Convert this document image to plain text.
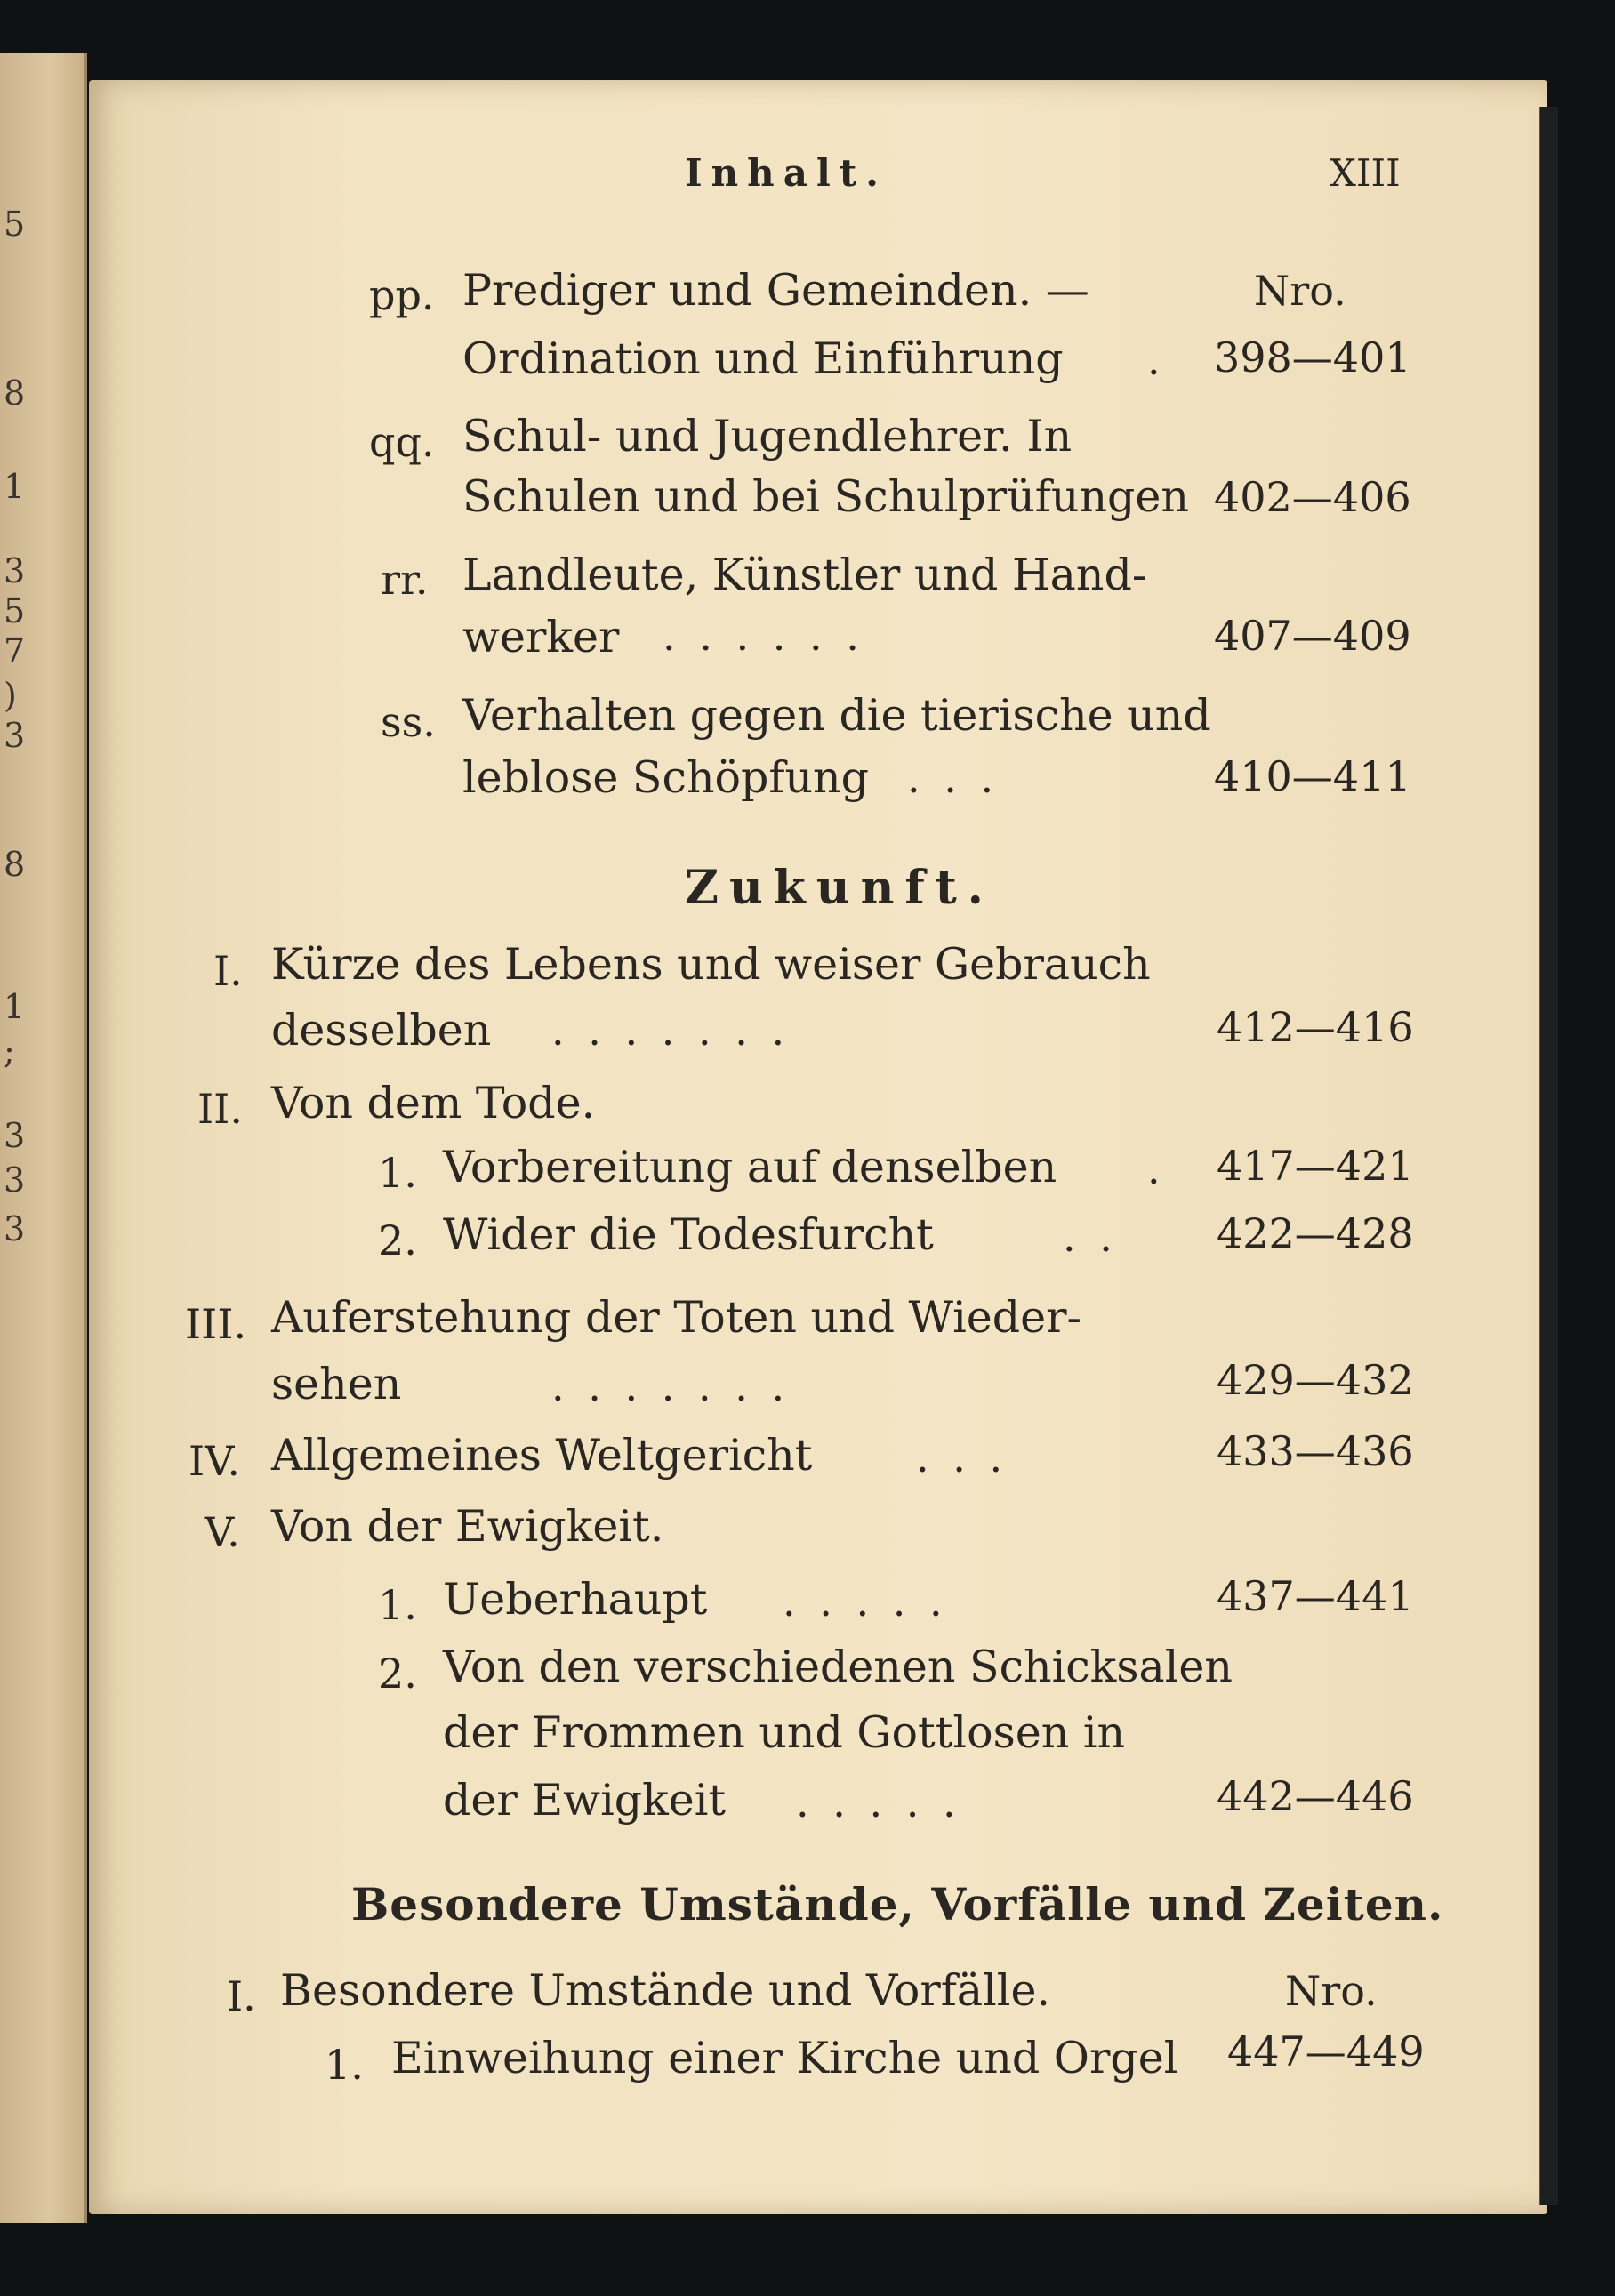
5
8
1
3
5
7
)
3
8
1
;
3
3
3
Inhalt.	XIII
pp. Prediger und Gemeinden. —	Nro.
Ordination und Einführung . 398—401
qq. Schul- und Jugendlehrer. In
Schulen und bei Schulprüfungen 402—406
rr. Landleute, Künstler und Hand-
werker . . . . . .	407—409
ss. Verhalten gegen die tierische und
leblose Schöpfung . . .	410—411
Zukunft.
I. Kürze des Lebens und weiser Gebrauch
desselben . . . . . . .	412—416
II. Von dem Tode.
1. Vorbereitung auf denselben . 417—421
2. Wider die Todesfurcht	. . 422—428
III. Auferstehung der Toten und Wieder-
sehen	. . . . . . .	429—432
IV. Allgemeines Weltgericht	. . .	433—436
V. Von der Ewigkeit.
1. Ueberhaupt . . . . .	437—441
2. Von den verschiedenen Schicksalen
der Frommen und Gottlosen in
der Ewigkeit . . . . .	442—446
Besondere Umstände, Vorfälle und Zeiten.
I. Besondere Umstände und Vorfälle.	Nro.
1. Einweihung einer Kirche und Orgel 447—449
